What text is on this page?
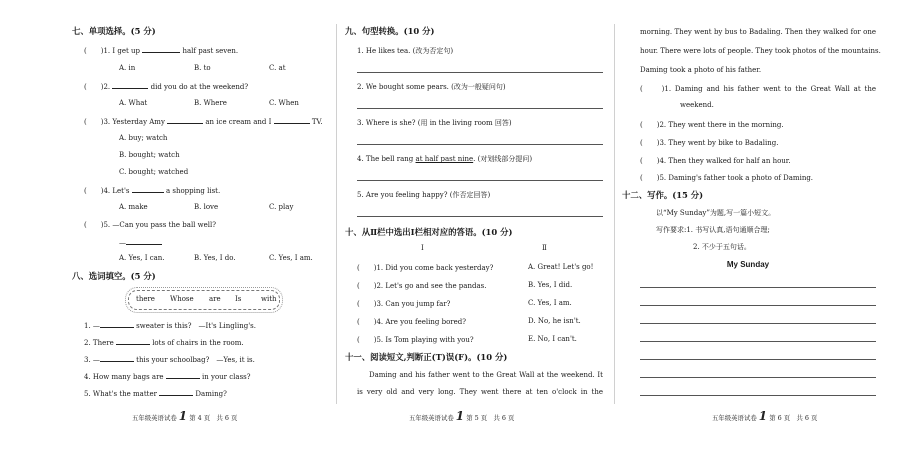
七、单项选择。(5 分)
(　　)1. I get up	half past seven.
A. in	B. to	C. at
(　　)2.	did you do at the weekend?
A. What	B. Where	C. When
(　　)3. Yesterday Amy	an ice cream and I	TV.
A. buy; watch
B. bought; watch
C. bought; watched
(　　)4. Let's	a shopping list.
A. make	B. love	C. play
(　　)5. —Can you pass the ball well?
—
A. Yes, I can.	B. Yes, I do.	C. Yes, I am.
八、选词填空。(5 分)
there Whose are Is	with
1. —	sweater is this?　—It's Lingling's.
2. There	lots of chairs in the room.
3. —	this your schoolbag?　—Yes, it is.
4. How many bags are	in your class?
5. What's the matter	Daming?
五年级英语试卷 1 第 4 页　共 6 页
九、句型转换。(10 分)
1. He likes tea. (改为否定句)
2. We bought some pears. (改为一般疑问句)
3. Where is she? (用 in the living room 回答)
4. The bell rang at half past nine. (对划线部分提问)
5. Are you feeling happy? (作否定回答)
十、从Ⅱ栏中选出Ⅰ栏相对应的答语。(10 分)
Ⅰ	Ⅱ
(　　)1. Did you come back yesterday?	A. Great! Let's go!
(　　)2. Let's go and see the pandas.	B. Yes, I did.
(　　)3. Can you jump far?	C. Yes, I am.
(　　)4. Are you feeling bored?	D. No, he isn't.
(　　)5. Is Tom playing with you?	E. No, I can't.
十一、阅读短文,判断正(T)误(F)。(10 分)
Daming and his father went to the Great Wall at the weekend. It
is very old and very long. They went there at ten o'clock in the
五年级英语试卷 1 第 5 页　共 6 页
morning. They went by bus to Badaling. Then they walked for one
hour. There were lots of people. They took photos of the mountains.
Daming took a photo of his father.
(　　)1. Daming and his father went to the Great Wall at the
weekend.
(　　)2. They went there in the morning.
(　　)3. They went by bike to Badaling.
(　　)4. Then they walked for half an hour.
(　　)5. Daming's father took a photo of Daming.
十二、写作。(15 分)
以“My Sunday”为题,写一篇小短文。
写作要求:1. 书写认真,语句通顺合理;
2. 不少于五句话。
My Sunday
五年级英语试卷 1 第 6 页　共 6 页
